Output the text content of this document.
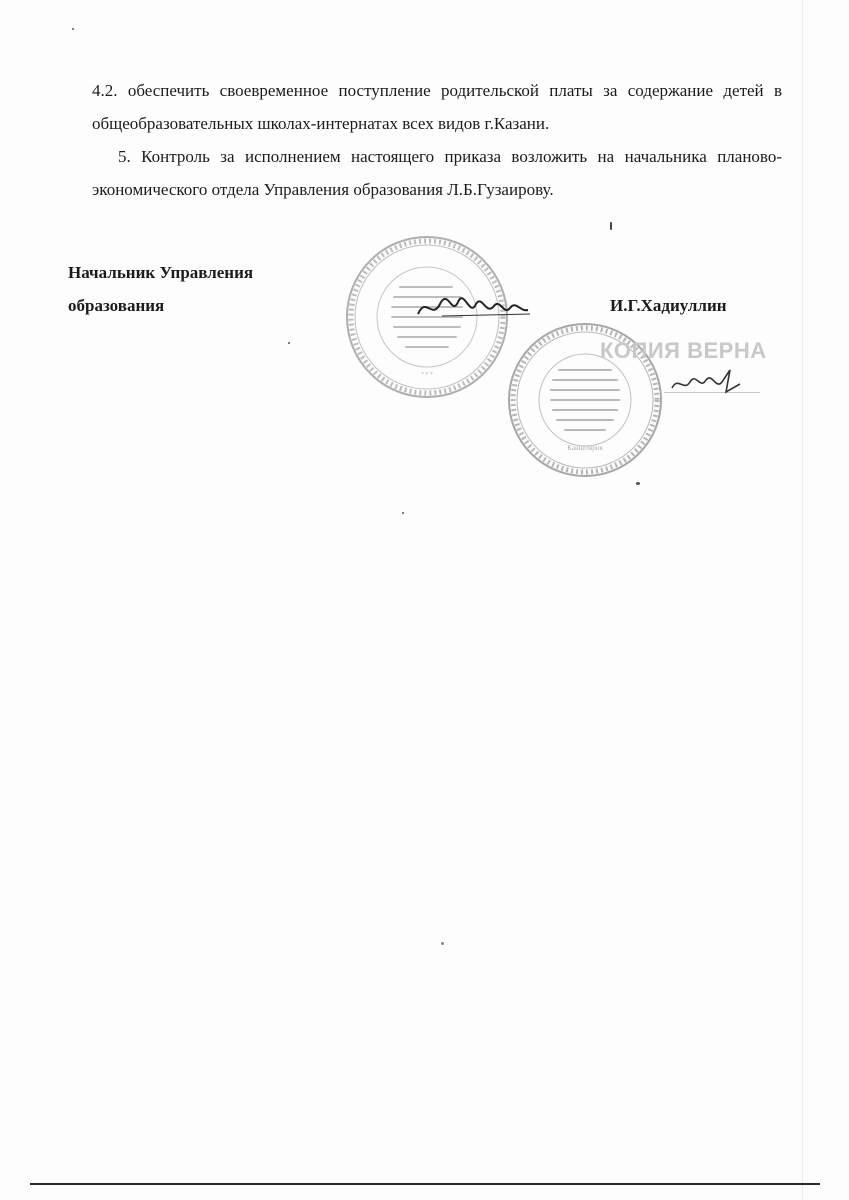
4.2. обеспечить своевременное поступление родительской платы за содержание детей в общеобразовательных школах-интернатах всех видов г.Казани.

5. Контроль за исполнением настоящего приказа возложить на начальника планово-экономического отдела Управления образования Л.Б.Гузаирову.

Начальник Управления
образования
* * *
Канцелярия
КОПИЯ ВЕРНА
И.Г.Хадиуллин
